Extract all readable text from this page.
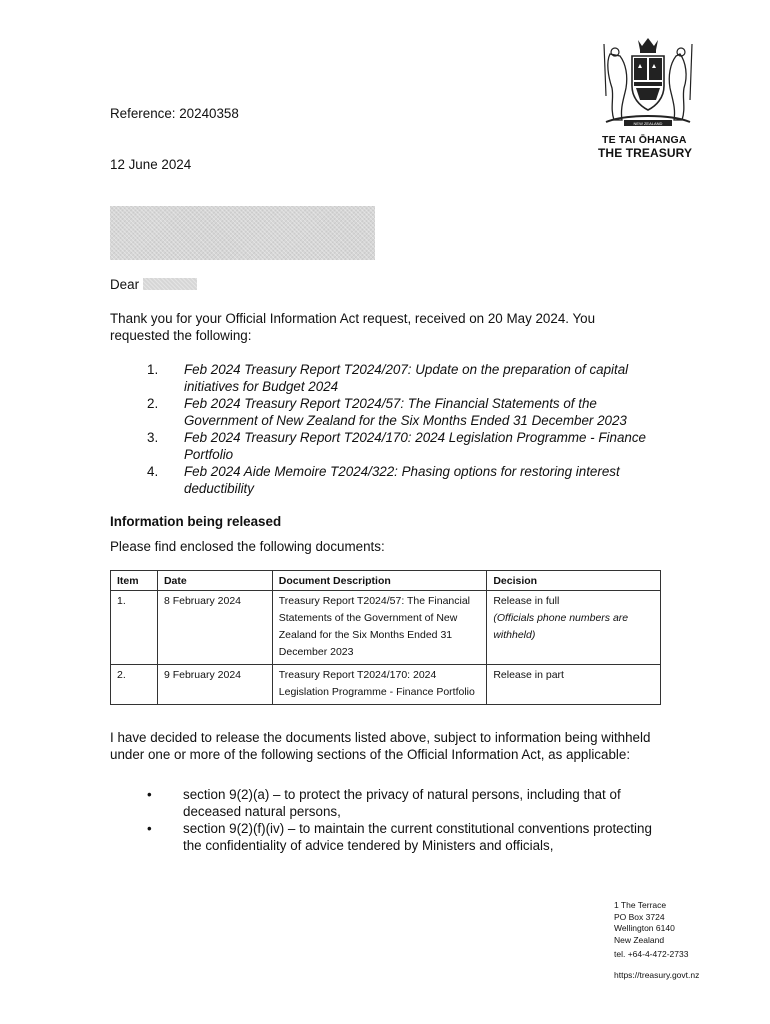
NEW ZEALAND
TE TAI ŌHANGA
THE TREASURY
Reference: 20240358
12 June 2024
Dear
Thank you for your Official Information Act request, received on 20 May 2024. You requested the following:
1. Feb 2024 Treasury Report T2024/207: Update on the preparation of capital initiatives for Budget 2024
2. Feb 2024 Treasury Report T2024/57: The Financial Statements of the Government of New Zealand for the Six Months Ended 31 December 2023
3. Feb 2024 Treasury Report T2024/170: 2024 Legislation Programme - Finance Portfolio
4. Feb 2024 Aide Memoire T2024/322: Phasing options for restoring interest deductibility
Information being released
Please find enclosed the following documents:
Item	Date	Document Description	Decision
1.	8 February 2024	Treasury Report T2024/57: The Financial Statements of the Government of New Zealand for the Six Months Ended 31 December 2023	Release in full
(Officials phone numbers are withheld)

2.	9 February 2024	Treasury Report T2024/170: 2024 Legislation Programme - Finance Portfolio	Release in part
I have decided to release the documents listed above, subject to information being withheld under one or more of the following sections of the Official Information Act, as applicable:
• section 9(2)(a) – to protect the privacy of natural persons, including that of deceased natural persons,
• section 9(2)(f)(iv) – to maintain the current constitutional conventions protecting the confidentiality of advice tendered by Ministers and officials,
1 The Terrace
PO Box 3724
Wellington 6140
New Zealand
tel. +64-4-472-2733
https://treasury.govt.nz
